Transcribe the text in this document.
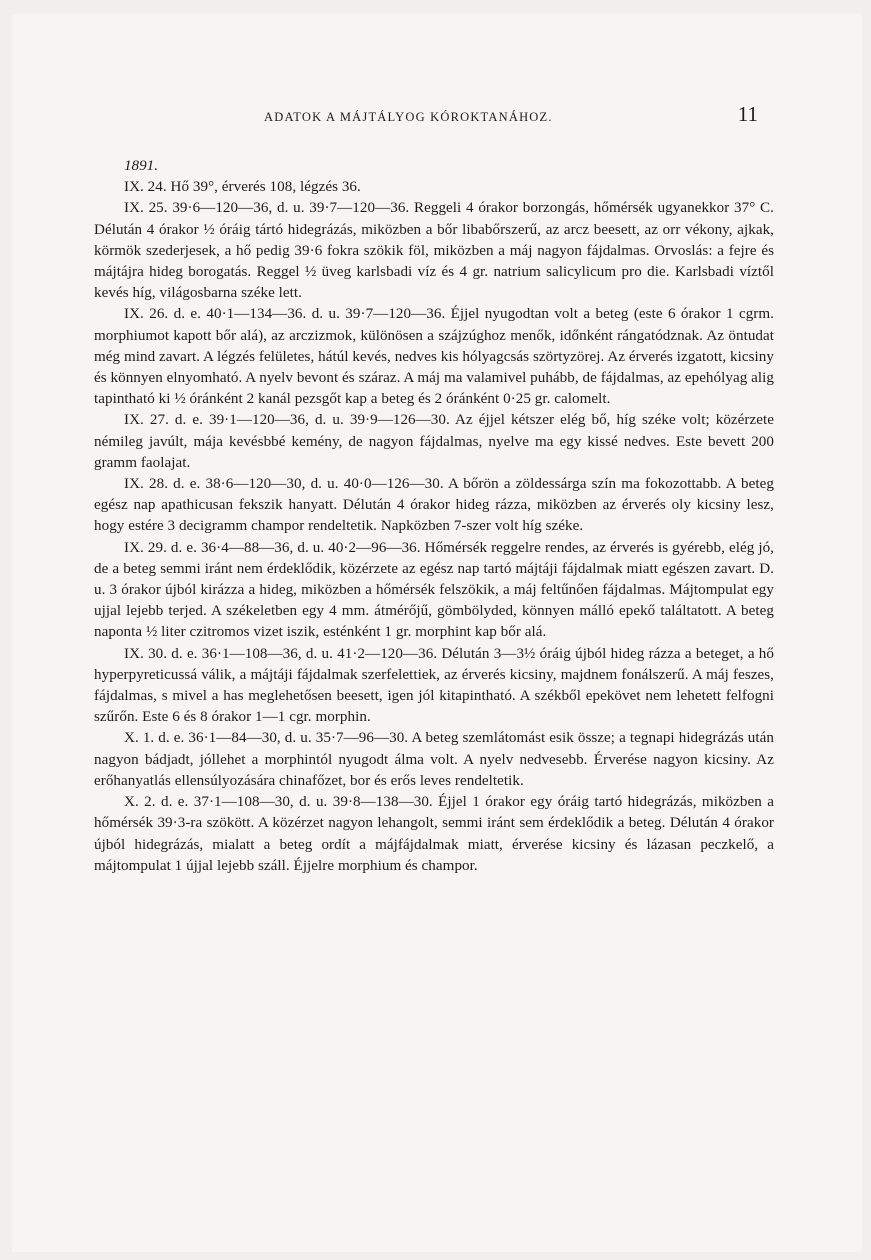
ADATOK A MÁJTÁLYOG KÓROKTANÁHOZ.	11

1891.

IX. 24. Hő 39°, érverés 108, légzés 36.

IX. 25. 39·6—120—36, d. u. 39·7—120—36. Reggeli 4 órakor borzongás, hőmérsék ugyanekkor 37° C. Délután 4 órakor ½ óráig tártó hidegrázás, miközben a bőr libabőrszerű, az arcz beesett, az orr vékony, ajkak, körmök szederjesek, a hő pedig 39·6 fokra szökik föl, miközben a máj nagyon fájdalmas. Orvoslás: a fejre és májtájra hideg borogatás. Reggel ½ üveg karlsbadi víz és 4 gr. natrium salicylicum pro die. Karlsbadi víztől kevés híg, világosbarna széke lett.

IX. 26. d. e. 40·1—134—36. d. u. 39·7—120—36. Éjjel nyugodtan volt a beteg (este 6 órakor 1 cgrm. morphiumot kapott bőr alá), az arczizmok, különösen a szájzúghoz menők, időnként rángatódznak. Az öntudat még mind zavart. A légzés felületes, hátúl kevés, nedves kis hólyagcsás szörtyzörej. Az érverés izgatott, kicsiny és könnyen elnyomható. A nyelv bevont és száraz. A máj ma valamivel puhább, de fájdalmas, az epehólyag alig tapintható ki ½ óránként 2 kanál pezsgőt kap a beteg és 2 óránként 0·25 gr. calomelt.

IX. 27. d. e. 39·1—120—36, d. u. 39·9—126—30. Az éjjel kétszer elég bő, híg széke volt; közérzete némileg javúlt, mája kevésbbé kemény, de nagyon fájdalmas, nyelve ma egy kissé nedves. Este bevett 200 gramm faolajat.

IX. 28. d. e. 38·6—120—30, d. u. 40·0—126—30. A bőrön a zöldessárga szín ma fokozottabb. A beteg egész nap apathicusan fekszik hanyatt. Délután 4 órakor hideg rázza, miközben az érverés oly kicsiny lesz, hogy estére 3 decigramm champor rendeltetik. Napközben 7-szer volt híg széke.

IX. 29. d. e. 36·4—88—36, d. u. 40·2—96—36. Hőmérsék reggelre rendes, az érverés is gyérebb, elég jó, de a beteg semmi iránt nem érdeklődik, közérzete az egész nap tartó májtáji fájdalmak miatt egészen zavart. D. u. 3 órakor újból kirázza a hideg, miközben a hőmérsék felszökik, a máj feltűnően fájdalmas. Májtompulat egy ujjal lejebb terjed. A székeletben egy 4 mm. átmérőjű, gömbölyded, könnyen málló epekő találtatott. A beteg naponta ½ liter czitromos vizet iszik, esténként 1 gr. morphint kap bőr alá.

IX. 30. d. e. 36·1—108—36, d. u. 41·2—120—36. Délután 3—3½ óráig újból hideg rázza a beteget, a hő hyperpyreticussá válik, a májtáji fájdalmak szerfelettiek, az érverés kicsiny, majdnem fonálszerű. A máj feszes, fájdalmas, s mivel a has meglehetősen beesett, igen jól kitapintható. A székből epekövet nem lehetett felfogni szűrőn. Este 6 és 8 órakor 1—1 cgr. morphin.

X. 1. d. e. 36·1—84—30, d. u. 35·7—96—30. A beteg szemlátomást esik össze; a tegnapi hidegrázás után nagyon bádjadt, jóllehet a morphintól nyugodt álma volt. A nyelv nedvesebb. Érverése nagyon kicsiny. Az erőhanyatlás ellensúlyozására chinafőzet, bor és erős leves rendeltetik.

X. 2. d. e. 37·1—108—30, d. u. 39·8—138—30. Éjjel 1 órakor egy óráig tartó hidegrázás, miközben a hőmérsék 39·3-ra szökött. A közérzet nagyon lehangolt, semmi iránt sem érdeklődik a beteg. Délután 4 órakor újból hidegrázás, mialatt a beteg ordít a májfájdalmak miatt, érverése kicsiny és lázasan peczkelő, a májtompulat 1 újjal lejebb száll. Éjjelre morphium és champor.
